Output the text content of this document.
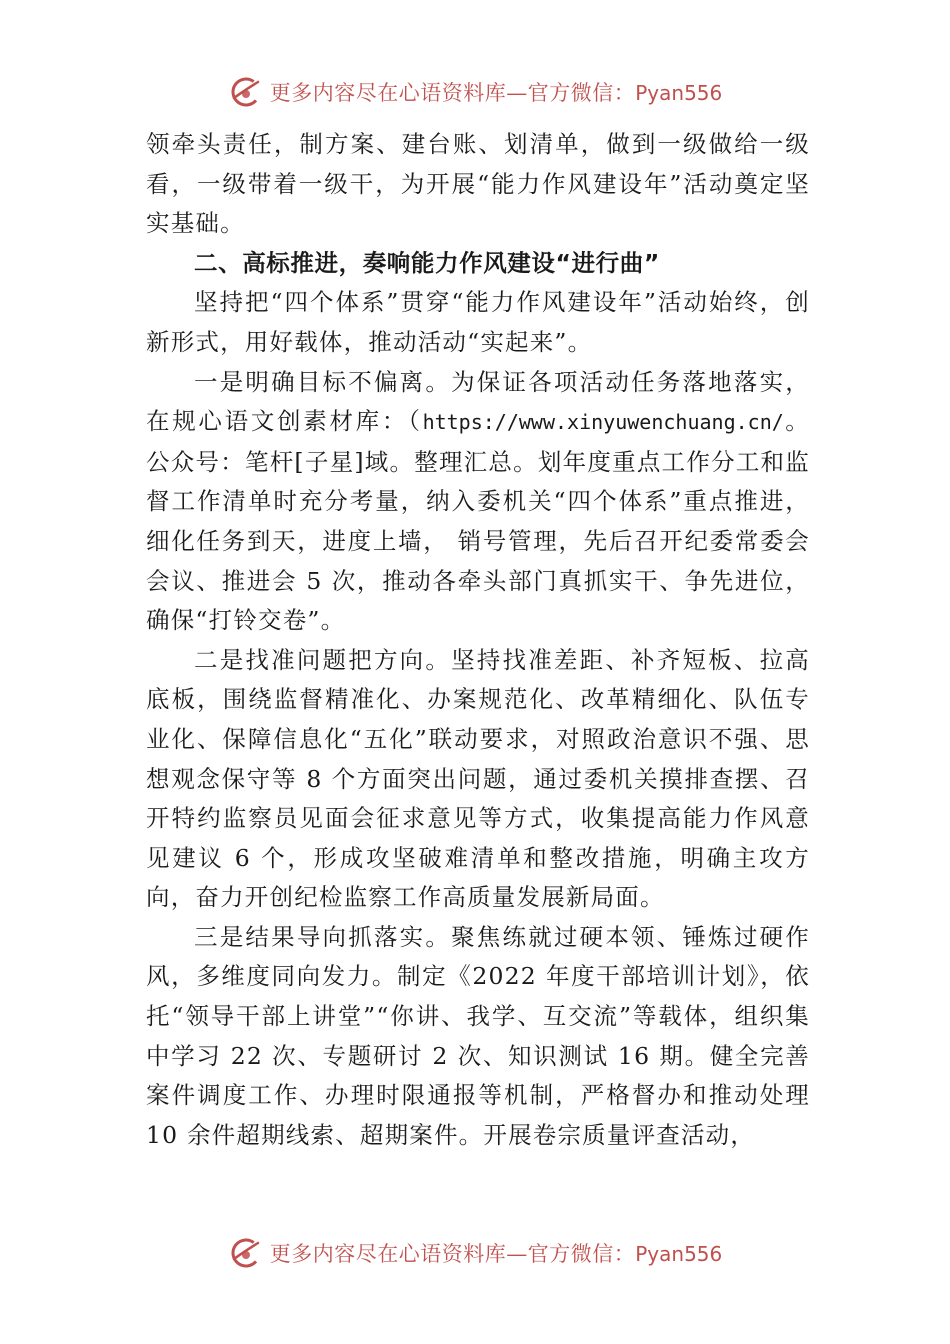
更多内容尽在心语资料库—官方微信：Pyan556

领牵头责任，制方案、建台账、划清单，做到一级做给一级看，一级带着一级干，为开展“能力作风建设年”活动奠定坚实基础。

二、高标推进，奏响能力作风建设“进行曲”

坚持把“四个体系”贯穿“能力作风建设年”活动始终，创新形式，用好载体，推动活动“实起来”。

一是明确目标不偏离。为保证各项活动任务落地落实，在规心语文创素材库：（https://www.xinyuwenchuang.cn/。公众号：笔杆[子星]域。整理汇总。划年度重点工作分工和监督工作清单时充分考量，纳入委机关“四个体系”重点推进，细化任务到天，进度上墙， 销号管理，先后召开纪委常委会会议、推进会 5 次，推动各牵头部门真抓实干、争先进位，确保“打铃交卷”。

二是找准问题把方向。坚持找准差距、补齐短板、拉高底板，围绕监督精准化、办案规范化、改革精细化、队伍专业化、保障信息化“五化”联动要求，对照政治意识不强、思想观念保守等 8 个方面突出问题，通过委机关摸排查摆、召开特约监察员见面会征求意见等方式，收集提高能力作风意见建议 6 个，形成攻坚破难清单和整改措施，明确主攻方向，奋力开创纪检监察工作高质量发展新局面。

三是结果导向抓落实。聚焦练就过硬本领、锤炼过硬作风，多维度同向发力。制定《2022 年度干部培训计划》，依托“领导干部上讲堂”“你讲、我学、互交流”等载体，组织集中学习 22 次、专题研讨 2 次、知识测试 16 期。健全完善案件调度工作、办理时限通报等机制，严格督办和推动处理 10 余件超期线索、超期案件。开展卷宗质量评查活动，

更多内容尽在心语资料库—官方微信：Pyan556
